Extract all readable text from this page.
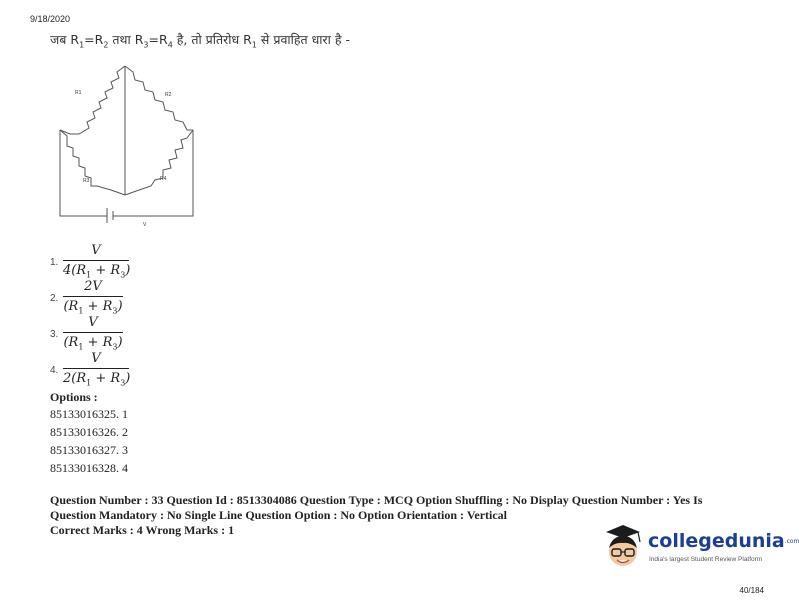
9/18/2020
जब $R_1=R_2$ तथा $R_3=R_4$ है, तो प्रतिरोध $R_1$ से प्रवाहित धारा है -
R1	R2
R3	R4
V
1.
V
$4(R_1 + R_3)$
2.
2V
$(R_1 + R_3)$
3.
V
$(R_1 + R_3)$
4.
V
$2(R_1 + R_3)$
Options :
85133016325. 1
85133016326. 2
85133016327. 3
85133016328. 4
Question Number : 33 Question Id : 8513304086 Question Type : MCQ Option Shuffling : No Display Question Number : Yes Is
Question Mandatory : No Single Line Question Option : No Option Orientation : Vertical
Correct Marks : 4 Wrong Marks : 1	collegedunia.com
India's largest Student Review Platform
40/184
